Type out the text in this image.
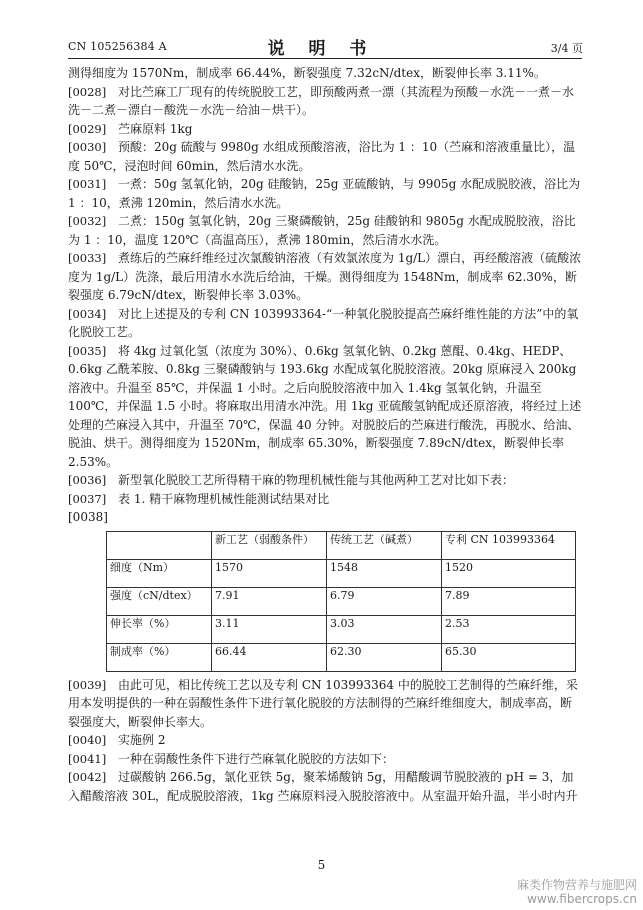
CN 105256384 A	说 明 书	3/4 页

测得细度为 1570Nm，制成率 66.44%，断裂强度 7.32cN/dtex，断裂伸长率 3.11%。

[0028] 对比苎麻工厂现有的传统脱胶工艺，即预酸两煮一漂（其流程为预酸－水洗－一煮－水洗－二煮－漂白－酸洗－水洗－给油－烘干）。

[0029] 苎麻原料 1kg

[0030] 预酸：20g 硫酸与 9980g 水组成预酸溶液，浴比为 1 ：10（苎麻和溶液重量比），温度 50℃，浸泡时间 60min，然后清水水洗。

[0031] 一煮：50g 氢氧化钠，20g 硅酸钠，25g 亚硫酸钠，与 9905g 水配成脱胶液，浴比为 1 ：10，煮沸 120min，然后清水水洗。

[0032] 二煮：150g 氢氧化钠，20g 三聚磷酸钠，25g 硅酸钠和 9805g 水配成脱胶液，浴比为 1 ：10，温度 120℃（高温高压），煮沸 180min，然后清水水洗。

[0033] 煮练后的苎麻纤维经过次氯酸钠溶液（有效氯浓度为 1g/L）漂白，再经酸溶液（硫酸浓度为 1g/L）洗涤，最后用清水水洗后给油，干燥。测得细度为 1548Nm，制成率 62.30%，断裂强度 6.79cN/dtex，断裂伸长率 3.03%。

[0034] 对比上述提及的专利 CN 103993364-“一种氧化脱胶提高苎麻纤维性能的方法”中的氧化脱胶工艺。

[0035] 将 4kg 过氧化氢（浓度为 30%）、0.6kg 氢氧化钠、0.2kg 蒽醌、0.4kg、HEDP、0.6kg 乙酰苯胺、0.8kg 三聚磷酸钠与 193.6kg 水配成氧化脱胶溶液。20kg 原麻浸入 200kg 溶液中。升温至 85℃，并保温 1 小时。之后向脱胶溶液中加入 1.4kg 氢氧化钠，升温至 100℃，并保温 1.5 小时。将麻取出用清水冲洗。用 1kg 亚硫酸氢钠配成还原溶液，将经过上述处理的苎麻浸入其中，升温至 70℃，保温 40 分钟。对脱胶后的苎麻进行酸洗，再脱水、给油、脱油、烘干。测得细度为 1520Nm，制成率 65.30%，断裂强度 7.89cN/dtex，断裂伸长率 2.53%。

[0036] 新型氧化脱胶工艺所得精干麻的物理机械性能与其他两种工艺对比如下表：

[0037] 表 1. 精干麻物理机械性能测试结果对比

[0038]

	新工艺（弱酸条件）	传统工艺（碱煮）	专利 CN 103993364
细度（Nm）	1570	1548	1520
强度（cN/dtex）	7.91	6.79	7.89
伸长率（%）	3.11	3.03	2.53
制成率（%）	66.44	62.30	65.30

[0039] 由此可见，相比传统工艺以及专利 CN 103993364 中的脱胶工艺制得的苎麻纤维，采用本发明提供的一种在弱酸性条件下进行氧化脱胶的方法制得的苎麻纤维细度大，制成率高，断裂强度大，断裂伸长率大。

[0040] 实施例 2

[0041] 一种在弱酸性条件下进行苎麻氧化脱胶的方法如下：

[0042] 过碳酸钠 266.5g，氯化亚铁 5g，聚苯烯酸钠 5g，用醋酸调节脱胶液的 pH = 3，加入醋酸溶液 30L，配成脱胶溶液，1kg 苎麻原料浸入脱胶溶液中。从室温开始升温，半小时内升

5
麻类作物营养与施肥网
www.fibercrops.cn
